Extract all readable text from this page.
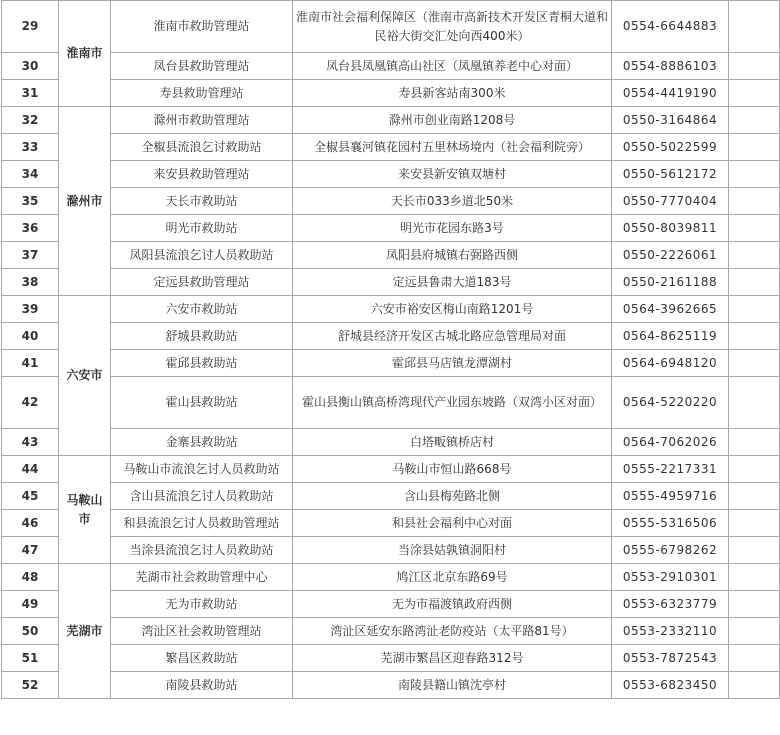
29	淮南市	淮南市救助管理站	淮南市社会福利保障区（淮南市高新技术开发区青桐大道和民裕大街交汇处向西400米）	0554-6644883	
30		凤台县救助管理站	凤台县凤凰镇高山社区（凤凰镇养老中心对面）	0554-8886103	
31		寿县救助管理站	寿县新客站南300米	0554-4419190	
32	滁州市	滁州市救助管理站	滁州市创业南路1208号	0550-3164864	
33		全椒县流浪乞讨救助站	全椒县襄河镇花园村五里林场境内（社会福利院旁）	0550-5022599	
34		来安县救助管理站	来安县新安镇双塘村	0550-5612172	
35		天长市救助站	天长市033乡道北50米	0550-7770404	
36		明光市救助站	明光市花园东路3号	0550-8039811	
37		凤阳县流浪乞讨人员救助站	凤阳县府城镇右弼路西侧	0550-2226061	
38		定远县救助管理站	定远县鲁肃大道183号	0550-2161188	
39	六安市	六安市救助站	六安市裕安区梅山南路1201号	0564-3962665	
40		舒城县救助站	舒城县经济开发区古城北路应急管理局对面	0564-8625119	
41		霍邱县救助站	霍邱县马店镇龙潭湖村	0564-6948120	
42		霍山县救助站	霍山县衡山镇高桥湾现代产业园东坡路（双湾小区对面）	0564-5220220	
43		金寨县救助站	白塔畈镇桥店村	0564-7062026	
44	马鞍山市	马鞍山市流浪乞讨人员救助站	马鞍山市恒山路668号	0555-2217331	
45		含山县流浪乞讨人员救助站	含山县梅苑路北侧	0555-4959716	
46		和县流浪乞讨人员救助管理站	和县社会福利中心对面	0555-5316506	
47		当涂县流浪乞讨人员救助站	当涂县姑孰镇洞阳村	0555-6798262	
48	芜湖市	芜湖市社会救助管理中心	鸠江区北京东路69号	0553-2910301	
49		无为市救助站	无为市福渡镇政府西侧	0553-6323779	
50		湾沚区社会救助管理站	湾沚区延安东路湾沚老防疫站（太平路81号）	0553-2332110	
51		繁昌区救助站	芜湖市繁昌区迎春路312号	0553-7872543	
52		南陵县救助站	南陵县籍山镇沈亭村	0553-6823450	
